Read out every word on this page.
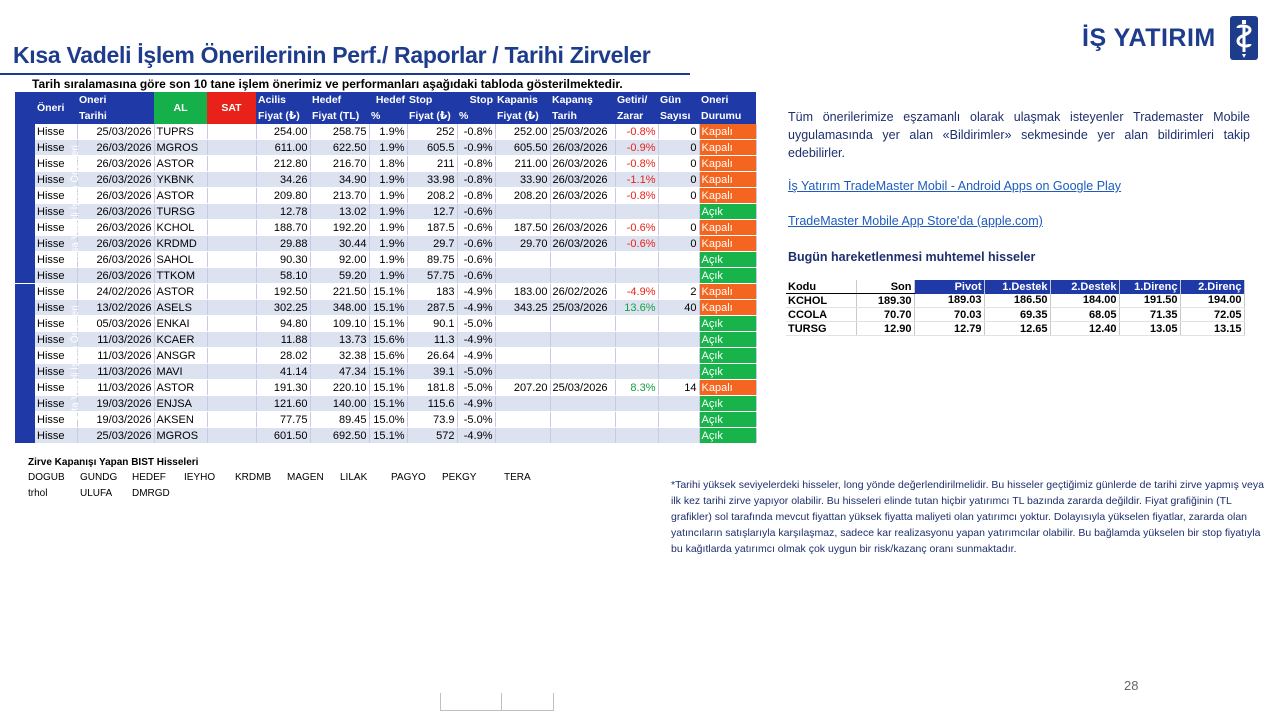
Kısa Vadeli İşlem Önerilerinin Perf./ Raporlar / Tarihi Zirveler
İŞ YATIRIM
Tarih sıralamasına göre son 10 tane işlem önerimiz ve performanları aşağıdaki tabloda gösterilmektedir.
	Öneri	Oneri	AL	SAT	Acilis	Hedef	Hedef	Stop	Stop	Kapanis	Kapanış	Getiri/	Gün	Oneri
		Tarihi			Fiyat (₺)	Fiyat (TL)	%	Fiyat (₺)	%	Fiyat (₺)	Tarih	Zarar	Sayısı	Durumu
Kısa Vadeli İşlem Önerileri	Hisse	25/03/2026	TUPRS		254.00	258.75	1.9%	252	-0.8%	252.00	25/03/2026	-0.8%	0	Kapalı
	Hisse	26/03/2026	MGROS		611.00	622.50	1.9%	605.5	-0.9%	605.50	26/03/2026	-0.9%	0	Kapalı
	Hisse	26/03/2026	ASTOR		212.80	216.70	1.8%	211	-0.8%	211.00	26/03/2026	-0.8%	0	Kapalı
	Hisse	26/03/2026	YKBNK		34.26	34.90	1.9%	33.98	-0.8%	33.90	26/03/2026	-1.1%	0	Kapalı
	Hisse	26/03/2026	ASTOR		209.80	213.70	1.9%	208.2	-0.8%	208.20	26/03/2026	-0.8%	0	Kapalı
	Hisse	26/03/2026	TURSG		12.78	13.02	1.9%	12.7	-0.6%					Açık
	Hisse	26/03/2026	KCHOL		188.70	192.20	1.9%	187.5	-0.6%	187.50	26/03/2026	-0.6%	0	Kapalı
	Hisse	26/03/2026	KRDMD		29.88	30.44	1.9%	29.7	-0.6%	29.70	26/03/2026	-0.6%	0	Kapalı
	Hisse	26/03/2026	SAHOL		90.30	92.00	1.9%	89.75	-0.6%					Açık
	Hisse	26/03/2026	TTKOM		58.10	59.20	1.9%	57.75	-0.6%					Açık
Orta Vadeli İşlem Önerileri	Hisse	24/02/2026	ASTOR		192.50	221.50	15.1%	183	-4.9%	183.00	26/02/2026	-4.9%	2	Kapalı
	Hisse	13/02/2026	ASELS		302.25	348.00	15.1%	287.5	-4.9%	343.25	25/03/2026	13.6%	40	Kapalı
	Hisse	05/03/2026	ENKAI		94.80	109.10	15.1%	90.1	-5.0%					Açık
	Hisse	11/03/2026	KCAER		11.88	13.73	15.6%	11.3	-4.9%					Açık
	Hisse	11/03/2026	ANSGR		28.02	32.38	15.6%	26.64	-4.9%					Açık
	Hisse	11/03/2026	MAVI		41.14	47.34	15.1%	39.1	-5.0%					Açık
	Hisse	11/03/2026	ASTOR		191.30	220.10	15.1%	181.8	-5.0%	207.20	25/03/2026	8.3%	14	Kapalı
	Hisse	19/03/2026	ENJSA		121.60	140.00	15.1%	115.6	-4.9%					Açık
	Hisse	19/03/2026	AKSEN		77.75	89.45	15.0%	73.9	-5.0%					Açık
	Hisse	25/03/2026	MGROS		601.50	692.50	15.1%	572	-4.9%					Açık
Tüm önerilerimize eşzamanlı olarak ulaşmak isteyenler Trademaster Mobile uygulamasında yer alan «Bildirimler» sekmesinde yer alan bildirimleri takip edebilirler.
İş Yatırım TradeMaster Mobil - Android Apps on Google Play
TradeMaster Mobile App Store'da (apple.com)
Bugün hareketlenmesi muhtemel hisseler
Kodu	Son	Pivot	1.Destek	2.Destek	1.Direnç	2.Direnç
KCHOL	189.30	189.03	186.50	184.00	191.50	194.00
CCOLA	70.70	70.03	69.35	68.05	71.35	72.05
TURSG	12.90	12.79	12.65	12.40	13.05	13.15
Zirve Kapanışı Yapan BIST Hisseleri
DOGUB GUNDG HEDEF IEYHO KRDMB MAGEN LILAK PAGYO PEKGY	TERA
trhol	ULUFA DMRGD
*Tarihi yüksek seviyelerdeki hisseler, long yönde değerlendirilmelidir. Bu hisseler geçtiğimiz günlerde de tarihi zirve yapmış veya ilk kez tarihi zirve yapıyor olabilir. Bu hisseleri elinde tutan hiçbir yatırımcı TL bazında zararda değildir. Fiyat grafiğinin (TL grafikler) sol tarafında mevcut fiyattan yüksek fiyatta maliyeti olan yatırımcı yoktur. Dolayısıyla yükselen fiyatlar, zararda olan yatıncıların satışlarıyla karşılaşmaz, sadece kar realizasyonu yapan yatırımcılar olabilir. Bu bağlamda yükselen bir stop fiyatıyla bu kağıtlarda yatırımcı olmak çok uygun bir risk/kazanç oranı sunmaktadır.
28
